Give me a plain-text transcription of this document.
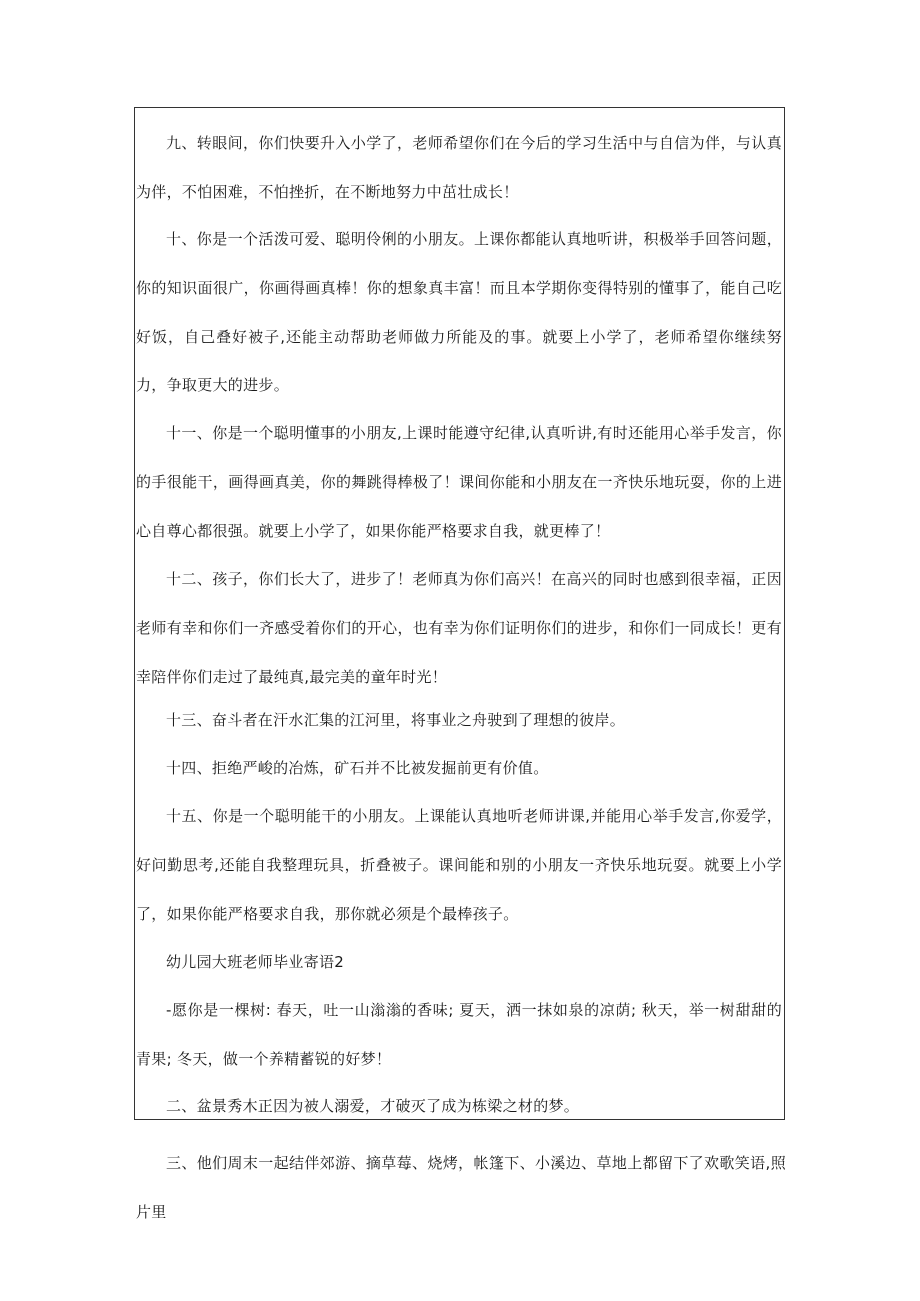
九、转眼间，你们快要升入小学了，老师希望你们在今后的学习生活中与自信为伴，与认真为伴，不怕困难，不怕挫折，在不断地努力中茁壮成长！

十、你是一个活泼可爱、聪明伶俐的小朋友。上课你都能认真地听讲，积极举手回答问题，你的知识面很广，你画得画真棒！你的想象真丰富！而且本学期你变得特别的懂事了，能自己吃好饭，自己叠好被子,还能主动帮助老师做力所能及的事。就要上小学了，老师希望你继续努力，争取更大的进步。

十一、你是一个聪明懂事的小朋友,上课时能遵守纪律,认真听讲,有时还能用心举手发言，你的手很能干，画得画真美，你的舞跳得棒极了！课间你能和小朋友在一齐快乐地玩耍，你的上进心自尊心都很强。就要上小学了，如果你能严格要求自我，就更棒了！

十二、孩子，你们长大了，进步了！老师真为你们高兴！在高兴的同时也感到很幸福，正因老师有幸和你们一齐感受着你们的开心，也有幸为你们证明你们的进步，和你们一同成长！更有幸陪伴你们走过了最纯真,最完美的童年时光！

十三、奋斗者在汗水汇集的江河里，将事业之舟驶到了理想的彼岸。

十四、拒绝严峻的冶炼，矿石并不比被发掘前更有价值。

十五、你是一个聪明能干的小朋友。上课能认真地听老师讲课,并能用心举手发言,你爱学，好问勤思考,还能自我整理玩具，折叠被子。课间能和别的小朋友一齐快乐地玩耍。就要上小学了，如果你能严格要求自我，那你就必须是个最棒孩子。

幼儿园大班老师毕业寄语2

-愿你是一棵树: 春天，吐一山滃滃的香味; 夏天，洒一抹如泉的凉荫; 秋天，举一树甜甜的青果; 冬天，做一个养精蓄锐的好梦！

二、盆景秀木正因为被人溺爱，才破灭了成为栋梁之材的梦。

三、他们周末一起结伴郊游、摘草莓、烧烤，帐篷下、小溪边、草地上都留下了欢歌笑语,照片里
